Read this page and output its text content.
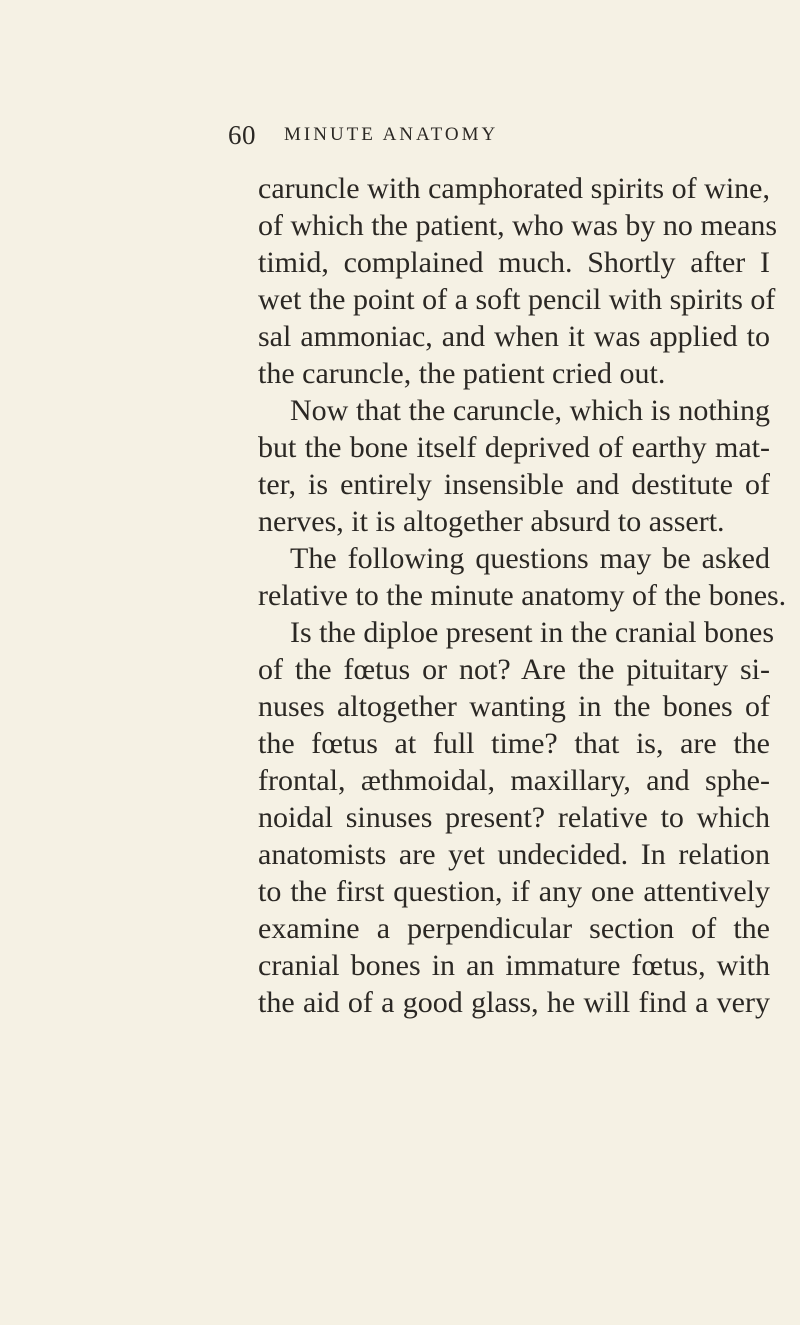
60 MINUTE ANATOMY
caruncle with camphorated spirits of wine,
of which the patient, who was by no means
timid, complained much. Shortly after I
wet the point of a soft pencil with spirits of
sal ammoniac, and when it was applied to
the caruncle, the patient cried out.
Now that the caruncle, which is nothing
but the bone itself deprived of earthy mat-
ter, is entirely insensible and destitute of
nerves, it is altogether absurd to assert.
The following questions may be asked
relative to the minute anatomy of the bones.
Is the diploe present in the cranial bones
of the fœtus or not? Are the pituitary si-
nuses altogether wanting in the bones of
the fœtus at full time? that is, are the
frontal, æthmoidal, maxillary, and sphe-
noidal sinuses present? relative to which
anatomists are yet undecided. In relation
to the first question, if any one attentively
examine a perpendicular section of the
cranial bones in an immature fœtus, with
the aid of a good glass, he will find a very
